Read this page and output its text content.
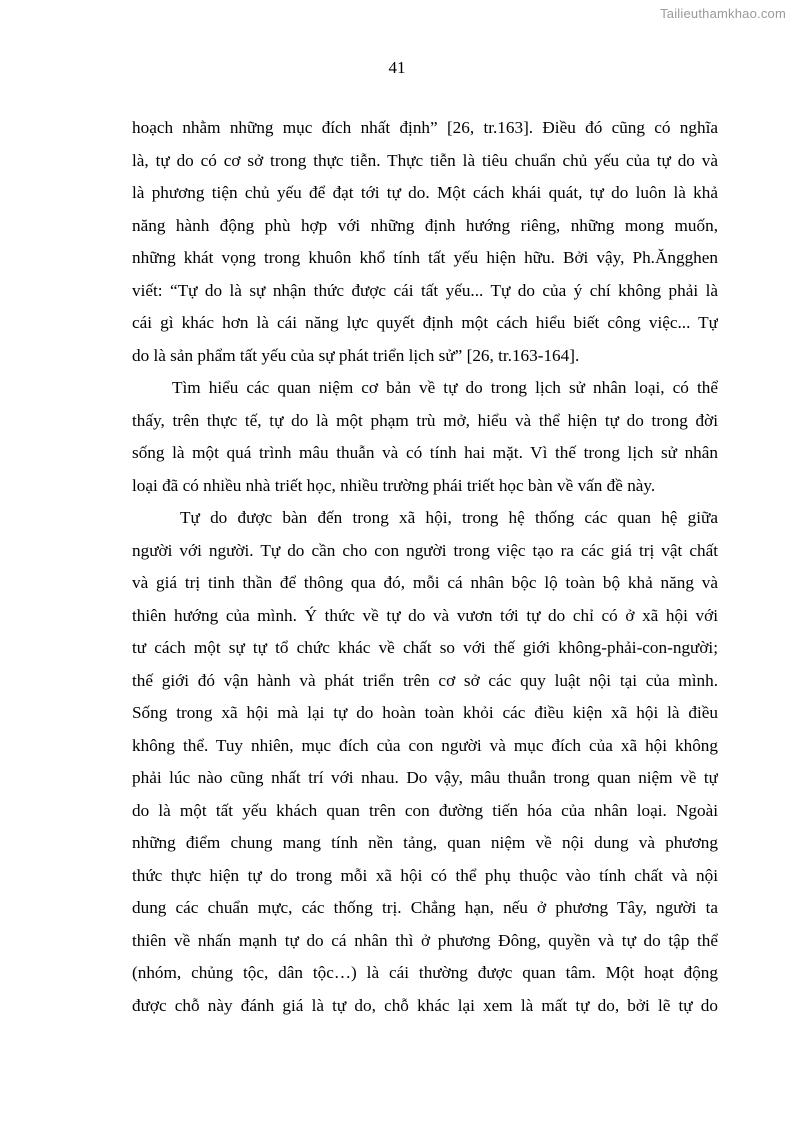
Tailieuthamkhao.com
41

hoạch nhằm những mục đích nhất định” [26, tr.163]. Điều đó cũng có nghĩa
là, tự do có cơ sở trong thực tiễn. Thực tiễn là tiêu chuẩn chủ yếu của tự do và
là phương tiện chủ yếu để đạt tới tự do. Một cách khái quát, tự do luôn là khả
năng hành động phù hợp với những định hướng riêng, những mong muốn,
những khát vọng trong khuôn khổ tính tất yếu hiện hữu. Bởi vậy, Ph.Ăngghen
viết: “Tự do là sự nhận thức được cái tất yếu... Tự do của ý chí không phải là
cái gì khác hơn là cái năng lực quyết định một cách hiểu biết công việc... Tự
do là sản phẩm tất yếu của sự phát triển lịch sử” [26, tr.163-164].

Tìm hiểu các quan niệm cơ bản về tự do trong lịch sử nhân loại, có thể
thấy, trên thực tế, tự do là một phạm trù mở, hiểu và thể hiện tự do trong đời
sống là một quá trình mâu thuẫn và có tính hai mặt. Vì thế trong lịch sử nhân
loại đã có nhiều nhà triết học, nhiều trường phái triết học bàn về vấn đề này.

Tự do được bàn đến trong xã hội, trong hệ thống các quan hệ giữa
người với người. Tự do cần cho con người trong việc tạo ra các giá trị vật chất
và giá trị tinh thần để thông qua đó, mỗi cá nhân bộc lộ toàn bộ khả năng và
thiên hướng của mình. Ý thức về tự do và vươn tới tự do chỉ có ở xã hội với
tư cách một sự tự tổ chức khác về chất so với thế giới không-phải-con-người;
thế giới đó vận hành và phát triển trên cơ sở các quy luật nội tại của mình.
Sống trong xã hội mà lại tự do hoàn toàn khỏi các điều kiện xã hội là điều
không thể. Tuy nhiên, mục đích của con người và mục đích của xã hội không
phải lúc nào cũng nhất trí với nhau. Do vậy, mâu thuẫn trong quan niệm về tự
do là một tất yếu khách quan trên con đường tiến hóa của nhân loại. Ngoài
những điểm chung mang tính nền tảng, quan niệm về nội dung và phương
thức thực hiện tự do trong mỗi xã hội có thể phụ thuộc vào tính chất và nội
dung các chuẩn mực, các thống trị. Chẳng hạn, nếu ở phương Tây, người ta
thiên về nhấn mạnh tự do cá nhân thì ở phương Đông, quyền và tự do tập thể
(nhóm, chủng tộc, dân tộc…) là cái thường được quan tâm. Một hoạt động
được chỗ này đánh giá là tự do, chỗ khác lại xem là mất tự do, bởi lẽ tự do
